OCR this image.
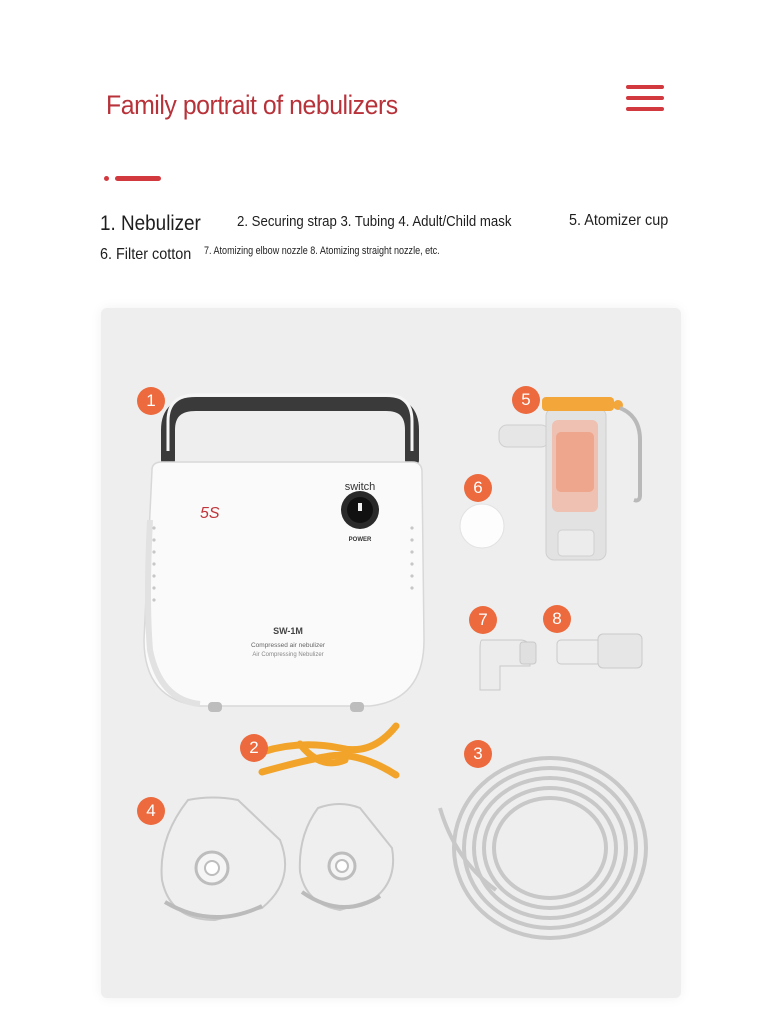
Family portrait of nebulizers
1. Nebulizer 2. Securing strap 3. Tubing 4. Adult/Child mask	5. Atomizer cup
6. Filter cotton 7. Atomizing elbow nozzle 8. Atomizing straight nozzle, etc.
switch
POWER
5S
SW-1M
Compressed air nebulizer
Air Compressing Nebulizer
1	5
6
7	8
2	3
4
